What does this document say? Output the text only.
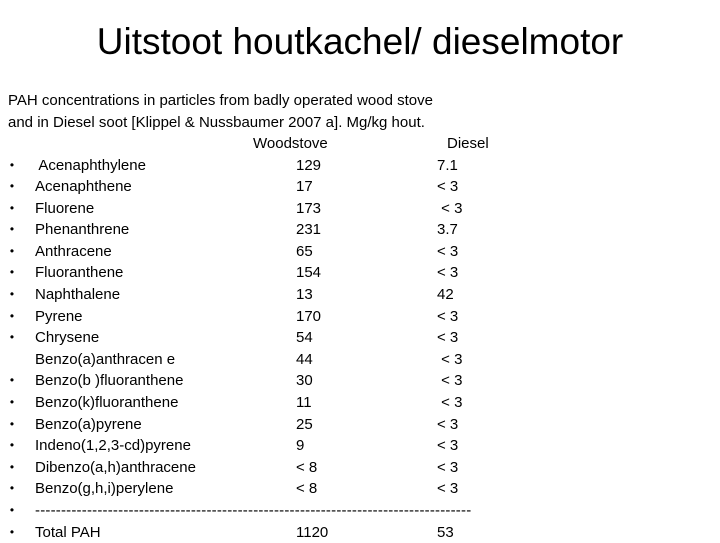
Uitstoot houtkachel/ dieselmotor
PAH concentrations in particles from badly operated wood stove
and in Diesel soot [Klippel & Nussbaumer 2007 a]. Mg/kg hout.
Woodstove	Diesel
•	Acenaphthylene	129	7.1
•	Acenaphthene	17	< 3
•	Fluorene	173	< 3
•	Phenanthrene	231	3.7
•	Anthracene	65	< 3
•	Fluoranthene	154	< 3
•	Naphthalene	13	42
•	Pyrene	170	< 3
•	Chrysene	54	< 3
Benzo(a)anthracen e	44	< 3
•	Benzo(b )fluoranthene	30	< 3
•	Benzo(k)fluoranthene	11	< 3
•	Benzo(a)pyrene	25	< 3
•	Indeno(1,2,3-cd)pyrene	9	< 3
•	Dibenzo(a,h)anthracene	< 8	< 3
•	Benzo(g,h,i)perylene	< 8	< 3
•	------------------------------------------------------------------------------------
•	Total PAH	1120	53
